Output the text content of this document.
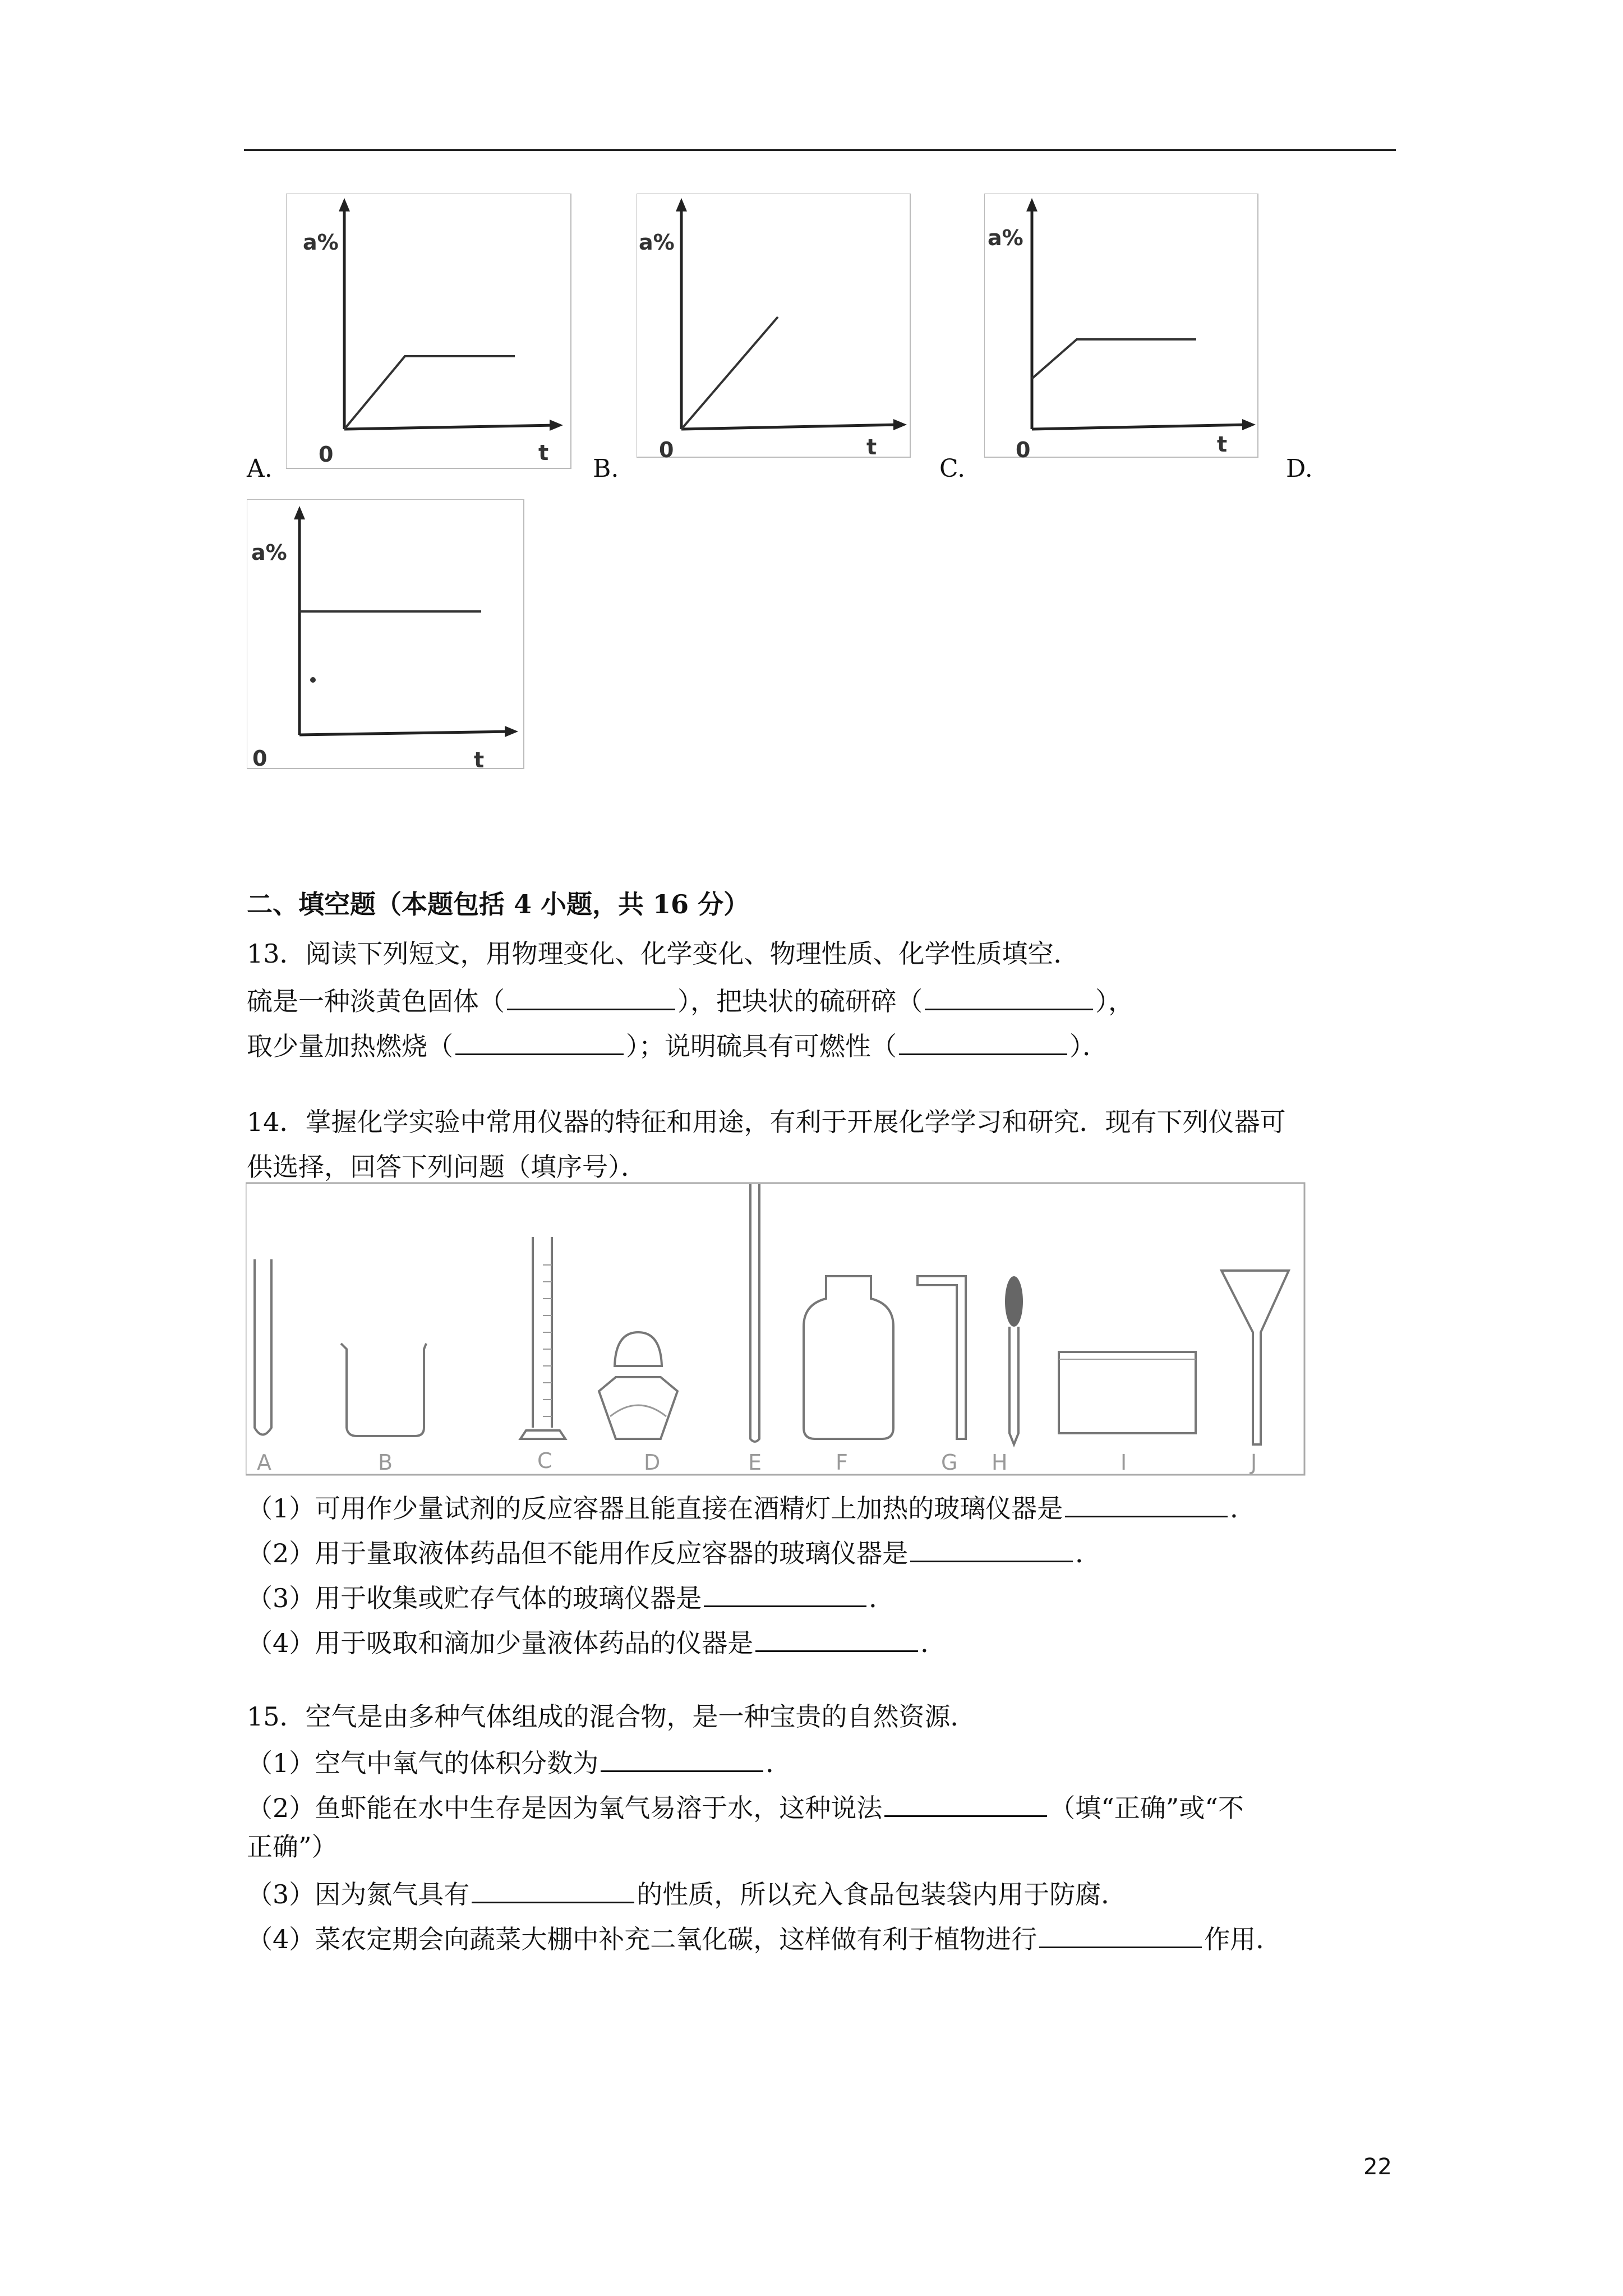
a%
0	t
A.
a%
0	t
B.
a%
0	t
C.	D.
a%
0	t
二、填空题（本题包括 4 小题，共 16 分）
13．阅读下列短文，用物理变化、化学变化、物理性质、化学性质填空．
硫是一种淡黄色固体（	），把块状的硫研碎（	），
取少量加热燃烧（	）；说明硫具有可燃性（	）．
14．掌握化学实验中常用仪器的特征和用途，有利于开展化学学习和研究．现有下列仪器可
供选择，回答下列问题（填序号）．
A	B	C	D	E	F	G H	I	J
（1）可用作少量试剂的反应容器且能直接在酒精灯上加热的玻璃仪器是	．
（2）用于量取液体药品但不能用作反应容器的玻璃仪器是	．
（3）用于收集或贮存气体的玻璃仪器是	．
（4）用于吸取和滴加少量液体药品的仪器是	．
15．空气是由多种气体组成的混合物，是一种宝贵的自然资源．
（1）空气中氧气的体积分数为	．
（2）鱼虾能在水中生存是因为氧气易溶于水，这种说法	（填“正确”或“不
正确”）
（3）因为氮气具有	的性质，所以充入食品包装袋内用于防腐．
（4）菜农定期会向蔬菜大棚中补充二氧化碳，这样做有利于植物进行	作用．
22
